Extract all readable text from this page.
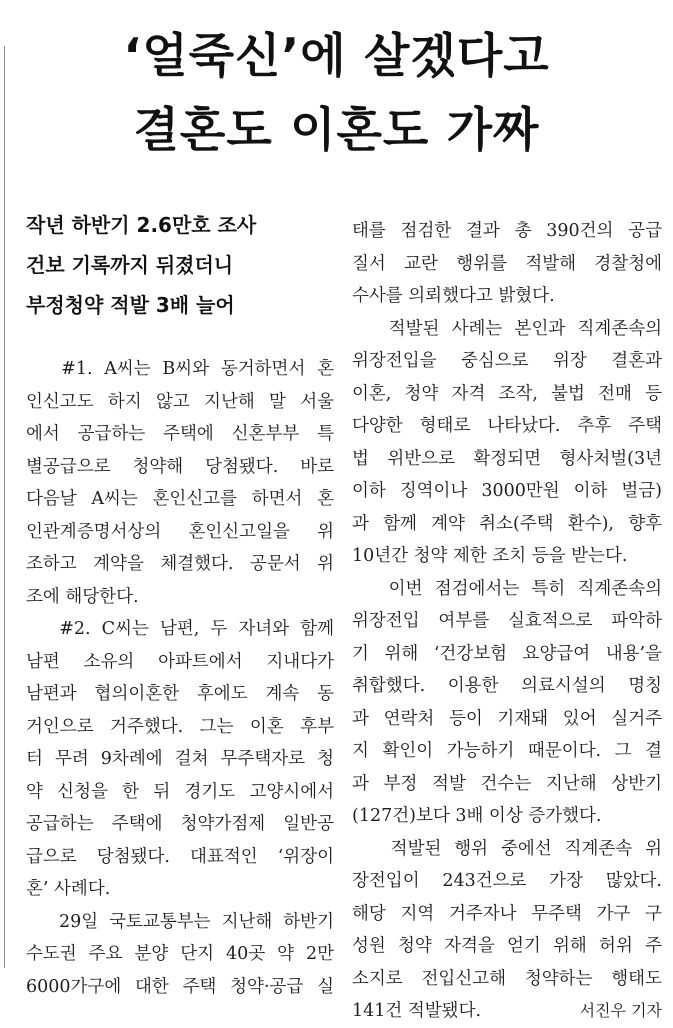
‘얼죽신’에 살겠다고
결혼도 이혼도 가짜
작년 하반기 2.6만호 조사
건보 기록까지 뒤졌더니
부정청약 적발 3배 늘어
#1. A씨는 B씨와 동거하면서 혼
인신고도 하지 않고 지난해 말 서울
에서 공급하는 주택에 신혼부부 특
별공급으로 청약해 당첨됐다. 바로
다음날 A씨는 혼인신고를 하면서 혼
인관계증명서상의 혼인신고일을 위
조하고 계약을 체결했다. 공문서 위
조에 해당한다.
#2. C씨는 남편, 두 자녀와 함께
남편 소유의 아파트에서 지내다가
남편과 협의이혼한 후에도 계속 동
거인으로 거주했다. 그는 이혼 후부
터 무려 9차례에 걸쳐 무주택자로 청
약 신청을 한 뒤 경기도 고양시에서
공급하는 주택에 청약가점제 일반공
급으로 당첨됐다. 대표적인 ‘위장이
혼’ 사례다.
29일 국토교통부는 지난해 하반기
수도권 주요 분양 단지 40곳 약 2만
6000가구에 대한 주택 청약·공급 실
태를 점검한 결과 총 390건의 공급
질서 교란 행위를 적발해 경찰청에
수사를 의뢰했다고 밝혔다.
적발된 사례는 본인과 직계존속의
위장전입을 중심으로 위장 결혼과
이혼, 청약 자격 조작, 불법 전매 등
다양한 형태로 나타났다. 추후 주택
법 위반으로 확정되면 형사처벌(3년
이하 징역이나 3000만원 이하 벌금)
과 함께 계약 취소(주택 환수), 향후
10년간 청약 제한 조치 등을 받는다.
이번 점검에서는 특히 직계존속의
위장전입 여부를 실효적으로 파악하
기 위해 ‘건강보험 요양급여 내용’을
취합했다. 이용한 의료시설의 명칭
과 연락처 등이 기재돼 있어 실거주
지 확인이 가능하기 때문이다. 그 결
과 부정 적발 건수는 지난해 상반기
(127건)보다 3배 이상 증가했다.
적발된 행위 중에선 직계존속 위
장전입이 243건으로 가장 많았다.
해당 지역 거주자나 무주택 가구 구
성원 청약 자격을 얻기 위해 허위 주
소지로 전입신고해 청약하는 행태도
141건 적발됐다.	서진우 기자
